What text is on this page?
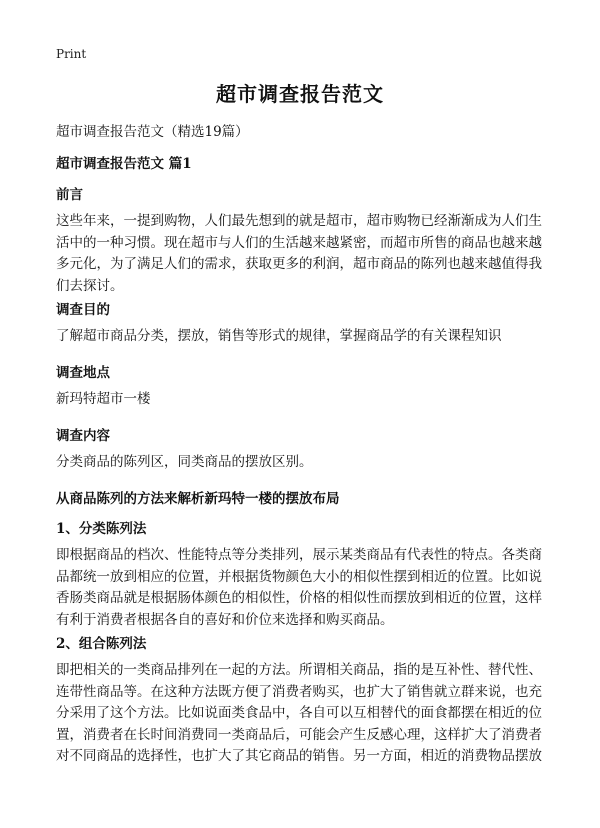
Print
超市调查报告范文
超市调查报告范文（精选19篇）
超市调查报告范文 篇1
前言

这些年来，一提到购物，人们最先想到的就是超市，超市购物已经渐渐成为人们生
活中的一种习惯。现在超市与人们的生活越来越紧密，而超市所售的商品也越来越
多元化，为了满足人们的需求，获取更多的利润，超市商品的陈列也越来越值得我
们去探讨。

调查目的

了解超市商品分类，摆放，销售等形式的规律，掌握商品学的有关课程知识

调查地点

新玛特超市一楼

调查内容

分类商品的陈列区，同类商品的摆放区别。

从商品陈列的方法来解析新玛特一楼的摆放布局
1、分类陈列法

即根据商品的档次、性能特点等分类排列，展示某类商品有代表性的特点。各类商
品都统一放到相应的位置，并根据货物颜色大小的相似性摆到相近的位置。比如说
香肠类商品就是根据肠体颜色的相似性，价格的相似性而摆放到相近的位置，这样
有利于消费者根据各自的喜好和价位来选择和购买商品。

2、组合陈列法

即把相关的一类商品排列在一起的方法。所谓相关商品，指的是互补性、替代性、
连带性商品等。在这种方法既方便了消费者购买，也扩大了销售就立群来说，也充
分采用了这个方法。比如说面类食品中，各自可以互相替代的面食都摆在相近的位
置，消费者在长时间消费同一类商品后，可能会产生反感心理，这样扩大了消费者
对不同商品的选择性，也扩大了其它商品的销售。另一方面，相近的消费物品摆放
